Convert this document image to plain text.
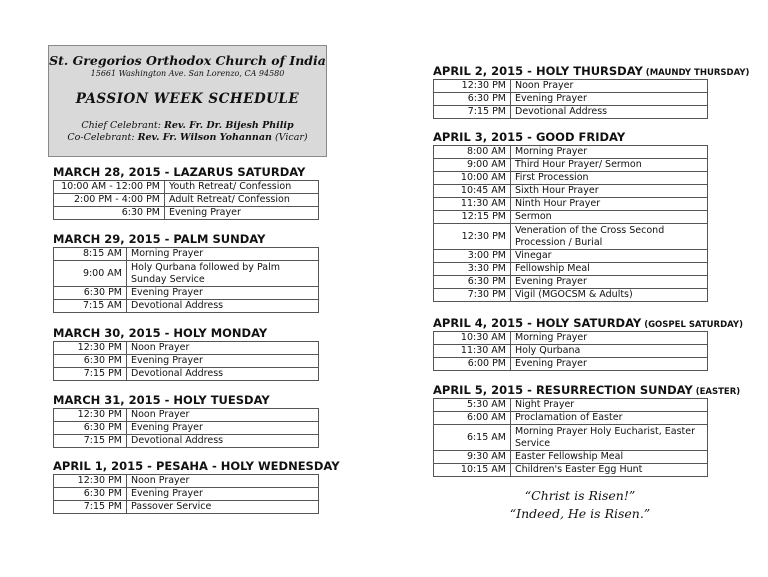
St. Gregorios Orthodox Church of India
15661 Washington Ave. San Lorenzo, CA 94580
PASSION WEEK SCHEDULE
Chief Celebrant: Rev. Fr. Dr. Bijesh Philip
Co-Celebrant: Rev. Fr. Wilson Yohannan (Vicar)
MARCH 28, 2015 - LAZARUS SATURDAY
10:00 AM - 12:00 PM	Youth Retreat/ Confession
2:00 PM - 4:00 PM	Adult Retreat/ Confession
6:30 PM	Evening Prayer
MARCH 29, 2015 - PALM SUNDAY
8:15 AM	Morning Prayer
9:00 AM	Holy Qurbana followed by Palm Sunday Service
6:30 PM	Evening Prayer
7:15 AM	Devotional Address
MARCH 30, 2015 - HOLY MONDAY
12:30 PM	Noon Prayer
6:30 PM	Evening Prayer
7:15 PM	Devotional Address
MARCH 31, 2015 - HOLY TUESDAY
12:30 PM	Noon Prayer
6:30 PM	Evening Prayer
7:15 PM	Devotional Address
APRIL 1, 2015 - PESAHA - HOLY WEDNESDAY
12:30 PM	Noon Prayer
6:30 PM	Evening Prayer
7:15 PM	Passover Service
APRIL 2, 2015 - HOLY THURSDAY (MAUNDY THURSDAY)
12:30 PM	Noon Prayer
6:30 PM	Evening Prayer
7:15 PM	Devotional Address
APRIL 3, 2015 - GOOD FRIDAY
8:00 AM	Morning Prayer
9:00 AM	Third Hour Prayer/ Sermon
10:00 AM	First Procession
10:45 AM	Sixth Hour Prayer
11:30 AM	Ninth Hour Prayer
12:15 PM	Sermon
12:30 PM	Veneration of the Cross Second Procession / Burial
3:00 PM	Vinegar
3:30 PM	Fellowship Meal
6:30 PM	Evening Prayer
7:30 PM	Vigil (MGOCSM & Adults)
APRIL 4, 2015 - HOLY SATURDAY (GOSPEL SATURDAY)
10:30 AM	Morning Prayer
11:30 AM	Holy Qurbana
6:00 PM	Evening Prayer
APRIL 5, 2015 - RESURRECTION SUNDAY (EASTER)
5:30 AM	Night Prayer
6:00 AM	Proclamation of Easter
6:15 AM	Morning Prayer Holy Eucharist, Easter Service
9:30 AM	Easter Fellowship Meal
10:15 AM	Children's Easter Egg Hunt
“Christ is Risen!”
“Indeed, He is Risen.”
